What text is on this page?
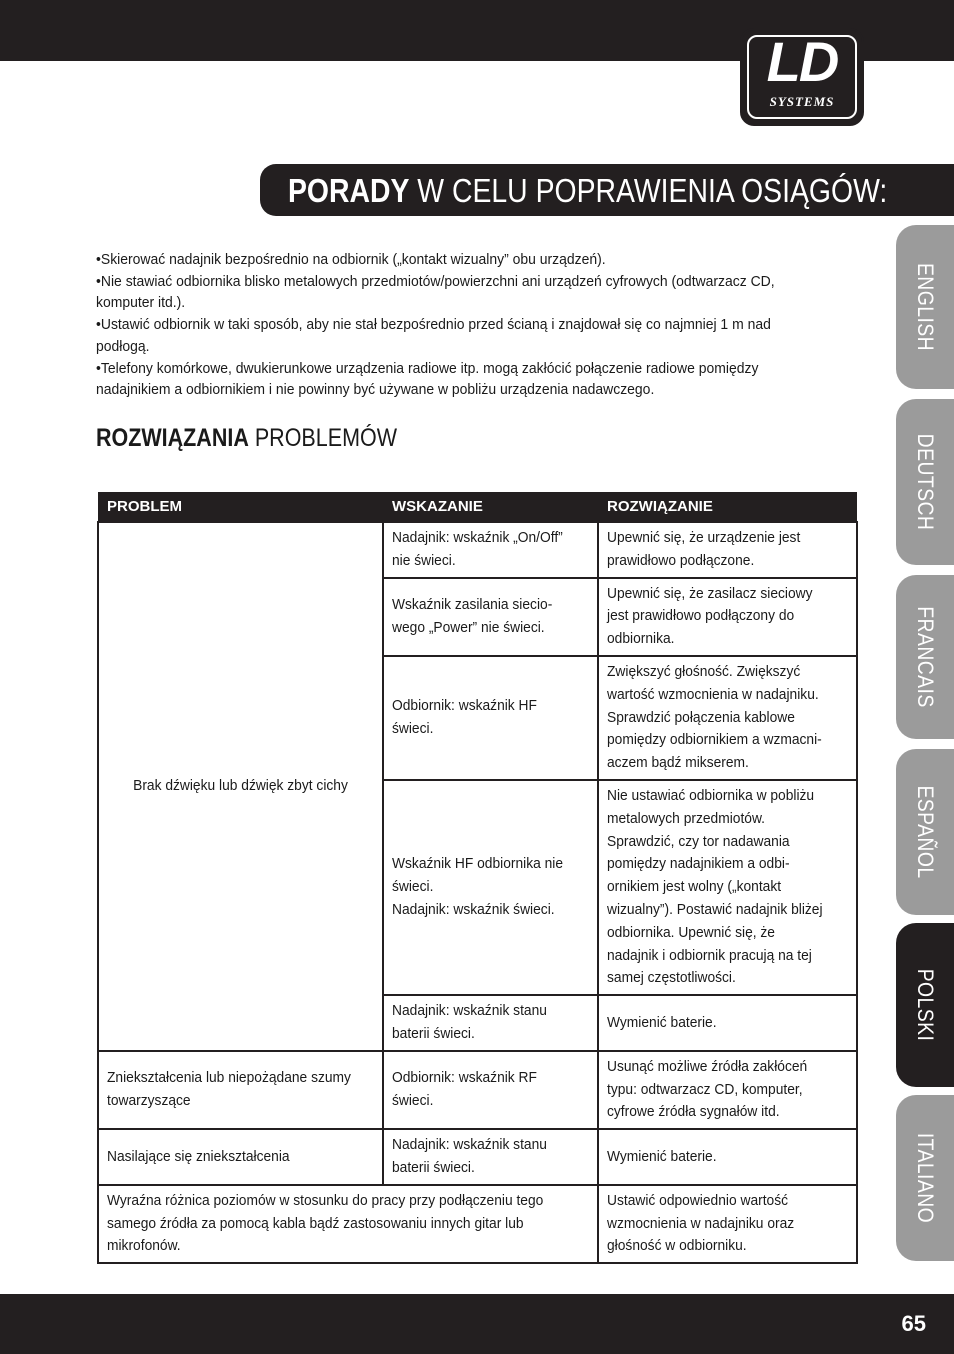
LD
SYSTEMS
PORADY W CELU POPRAWIENIA OSIĄGÓW:

•Skierować nadajnik bezpośrednio na odbiornik („kontakt wizualny” obu urządzeń).

•Nie stawiać odbiornika blisko metalowych przedmiotów/powierzchni ani urządzeń cyfrowych (odtwarzacz CD, komputer itd.).

•Ustawić odbiornik w taki sposób, aby nie stał bezpośrednio przed ścianą i znajdował się co najmniej 1 m nad podłogą.

•Telefony komórkowe, dwukierunkowe urządzenia radiowe itp. mogą zakłócić połączenie radiowe pomiędzy nadajnikiem a odbiornikiem i nie powinny być używane w pobliżu urządzenia nadawczego.

ROZWIĄZANIA PROBLEMÓW
PROBLEM	WSKAZANIE	ROZWIĄZANIE

Brak dźwięku lub dźwięk zbyt cichy	Nadajnik: wskaźnik „On/Off” nie świeci.	Upewnić się, że urządzenie jest prawidłowo podłączone.

	Wskaźnik zasilania siecio-wego „Power” nie świeci.	Upewnić się, że zasilacz sieciowy jest prawidłowo podłączony do odbiornika.

	Odbiornik: wskaźnik HF świeci.	Zwiększyć głośność. Zwiększyć wartość wzmocnienia w nadajniku. Sprawdzić połączenia kablowe pomiędzy odbiornikiem a wzmacni-aczem bądź mikserem.

	Wskaźnik HF odbiornika nie świeci.
Nadajnik: wskaźnik świeci.	Nie ustawiać odbiornika w pobliżu metalowych przedmiotów. Sprawdzić, czy tor nadawania pomiędzy nadajnikiem a odbi-ornikiem jest wolny („kontakt wizualny”). Postawić nadajnik bliżej odbiornika. Upewnić się, że nadajnik i odbiornik pracują na tej samej częstotliwości.

	Nadajnik: wskaźnik stanu baterii świeci.	Wymienić baterie.

Zniekształcenia lub niepożądane szumy towarzyszące	Odbiornik: wskaźnik RF świeci.	Usunąć możliwe źródła zakłóceń typu: odtwarzacz CD, komputer, cyfrowe źródła sygnałów itd.

Nasilające się zniekształcenia	Nadajnik: wskaźnik stanu baterii świeci.	Wymienić baterie.

Wyraźna różnica poziomów w stosunku do pracy przy podłączeniu tego samego źródła za pomocą kabla bądź zastosowaniu innych gitar lub mikrofonów.		Ustawić odpowiednio wartość wzmocnienia w nadajniku oraz głośność w odbiorniku.
ENGLISH
DEUTSCH
FRANCAIS
ESPAÑOL
POLSKI
ITALIANO
65
